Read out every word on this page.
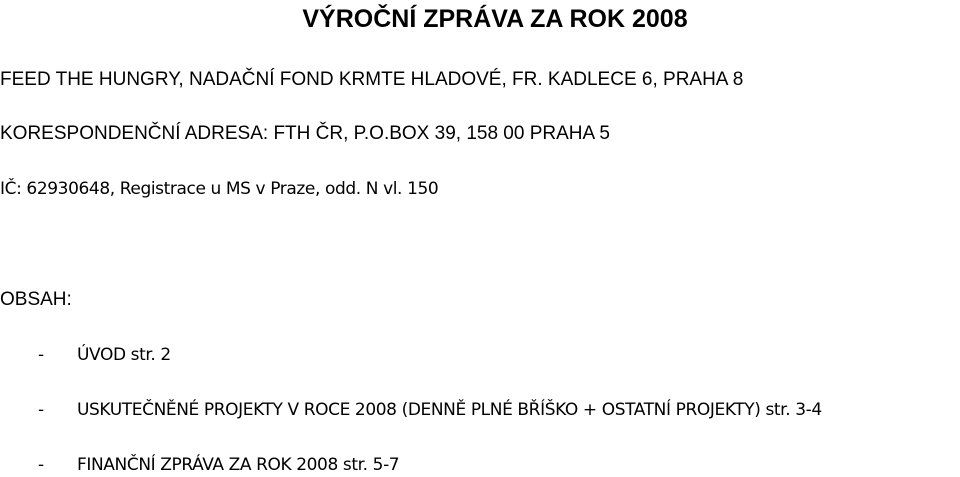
VÝROČNÍ ZPRÁVA ZA ROK 2008
FEED THE HUNGRY, NADAČNÍ FOND KRMTE HLADOVÉ, FR. KADLECE 6, PRAHA 8
KORESPONDENČNÍ ADRESA: FTH ČR, P.O.BOX 39, 158 00 PRAHA 5
IČ: 62930648, Registrace u MS v Praze, odd. N vl. 150
OBSAH:
- ÚVOD str. 2
- USKUTEČNĚNÉ PROJEKTY V ROCE 2008 (DENNĚ PLNÉ BŘÍŠKO + OSTATNÍ PROJEKTY) str. 3-4
- FINANČNÍ ZPRÁVA ZA ROK 2008 str. 5-7
